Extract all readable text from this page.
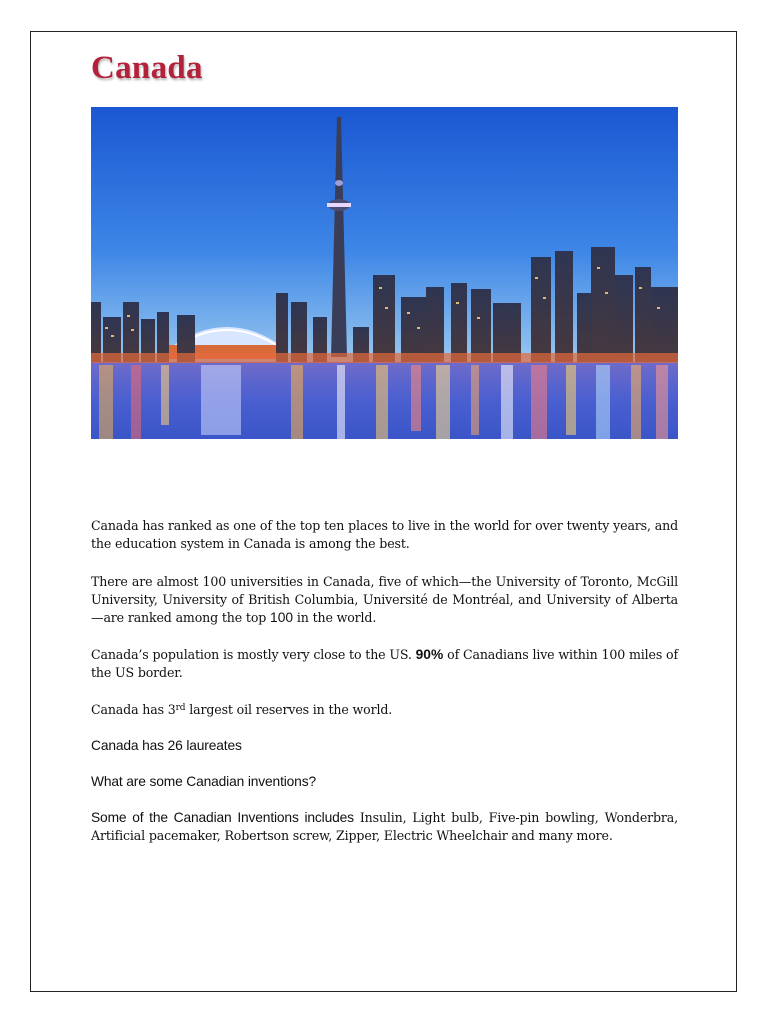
Canada

Canada has ranked as one of the top ten places to live in the world for over twenty years, and the education system in Canada is among the best.

There are almost 100 universities in Canada, five of which—the University of Toronto, McGill University, University of British Columbia, Université de Montréal, and University of Alberta—are ranked among the top 100 in the world.

Canada’s population is mostly very close to the US. 90% of Canadians live within 100 miles of the US border.

Canada has 3rd largest oil reserves in the world.

Canada has 26 laureates

What are some Canadian inventions?

Some of the Canadian Inventions includes Insulin, Light bulb, Five-pin bowling, Wonderbra, Artificial pacemaker, Robertson screw, Zipper, Electric Wheelchair and many more.
